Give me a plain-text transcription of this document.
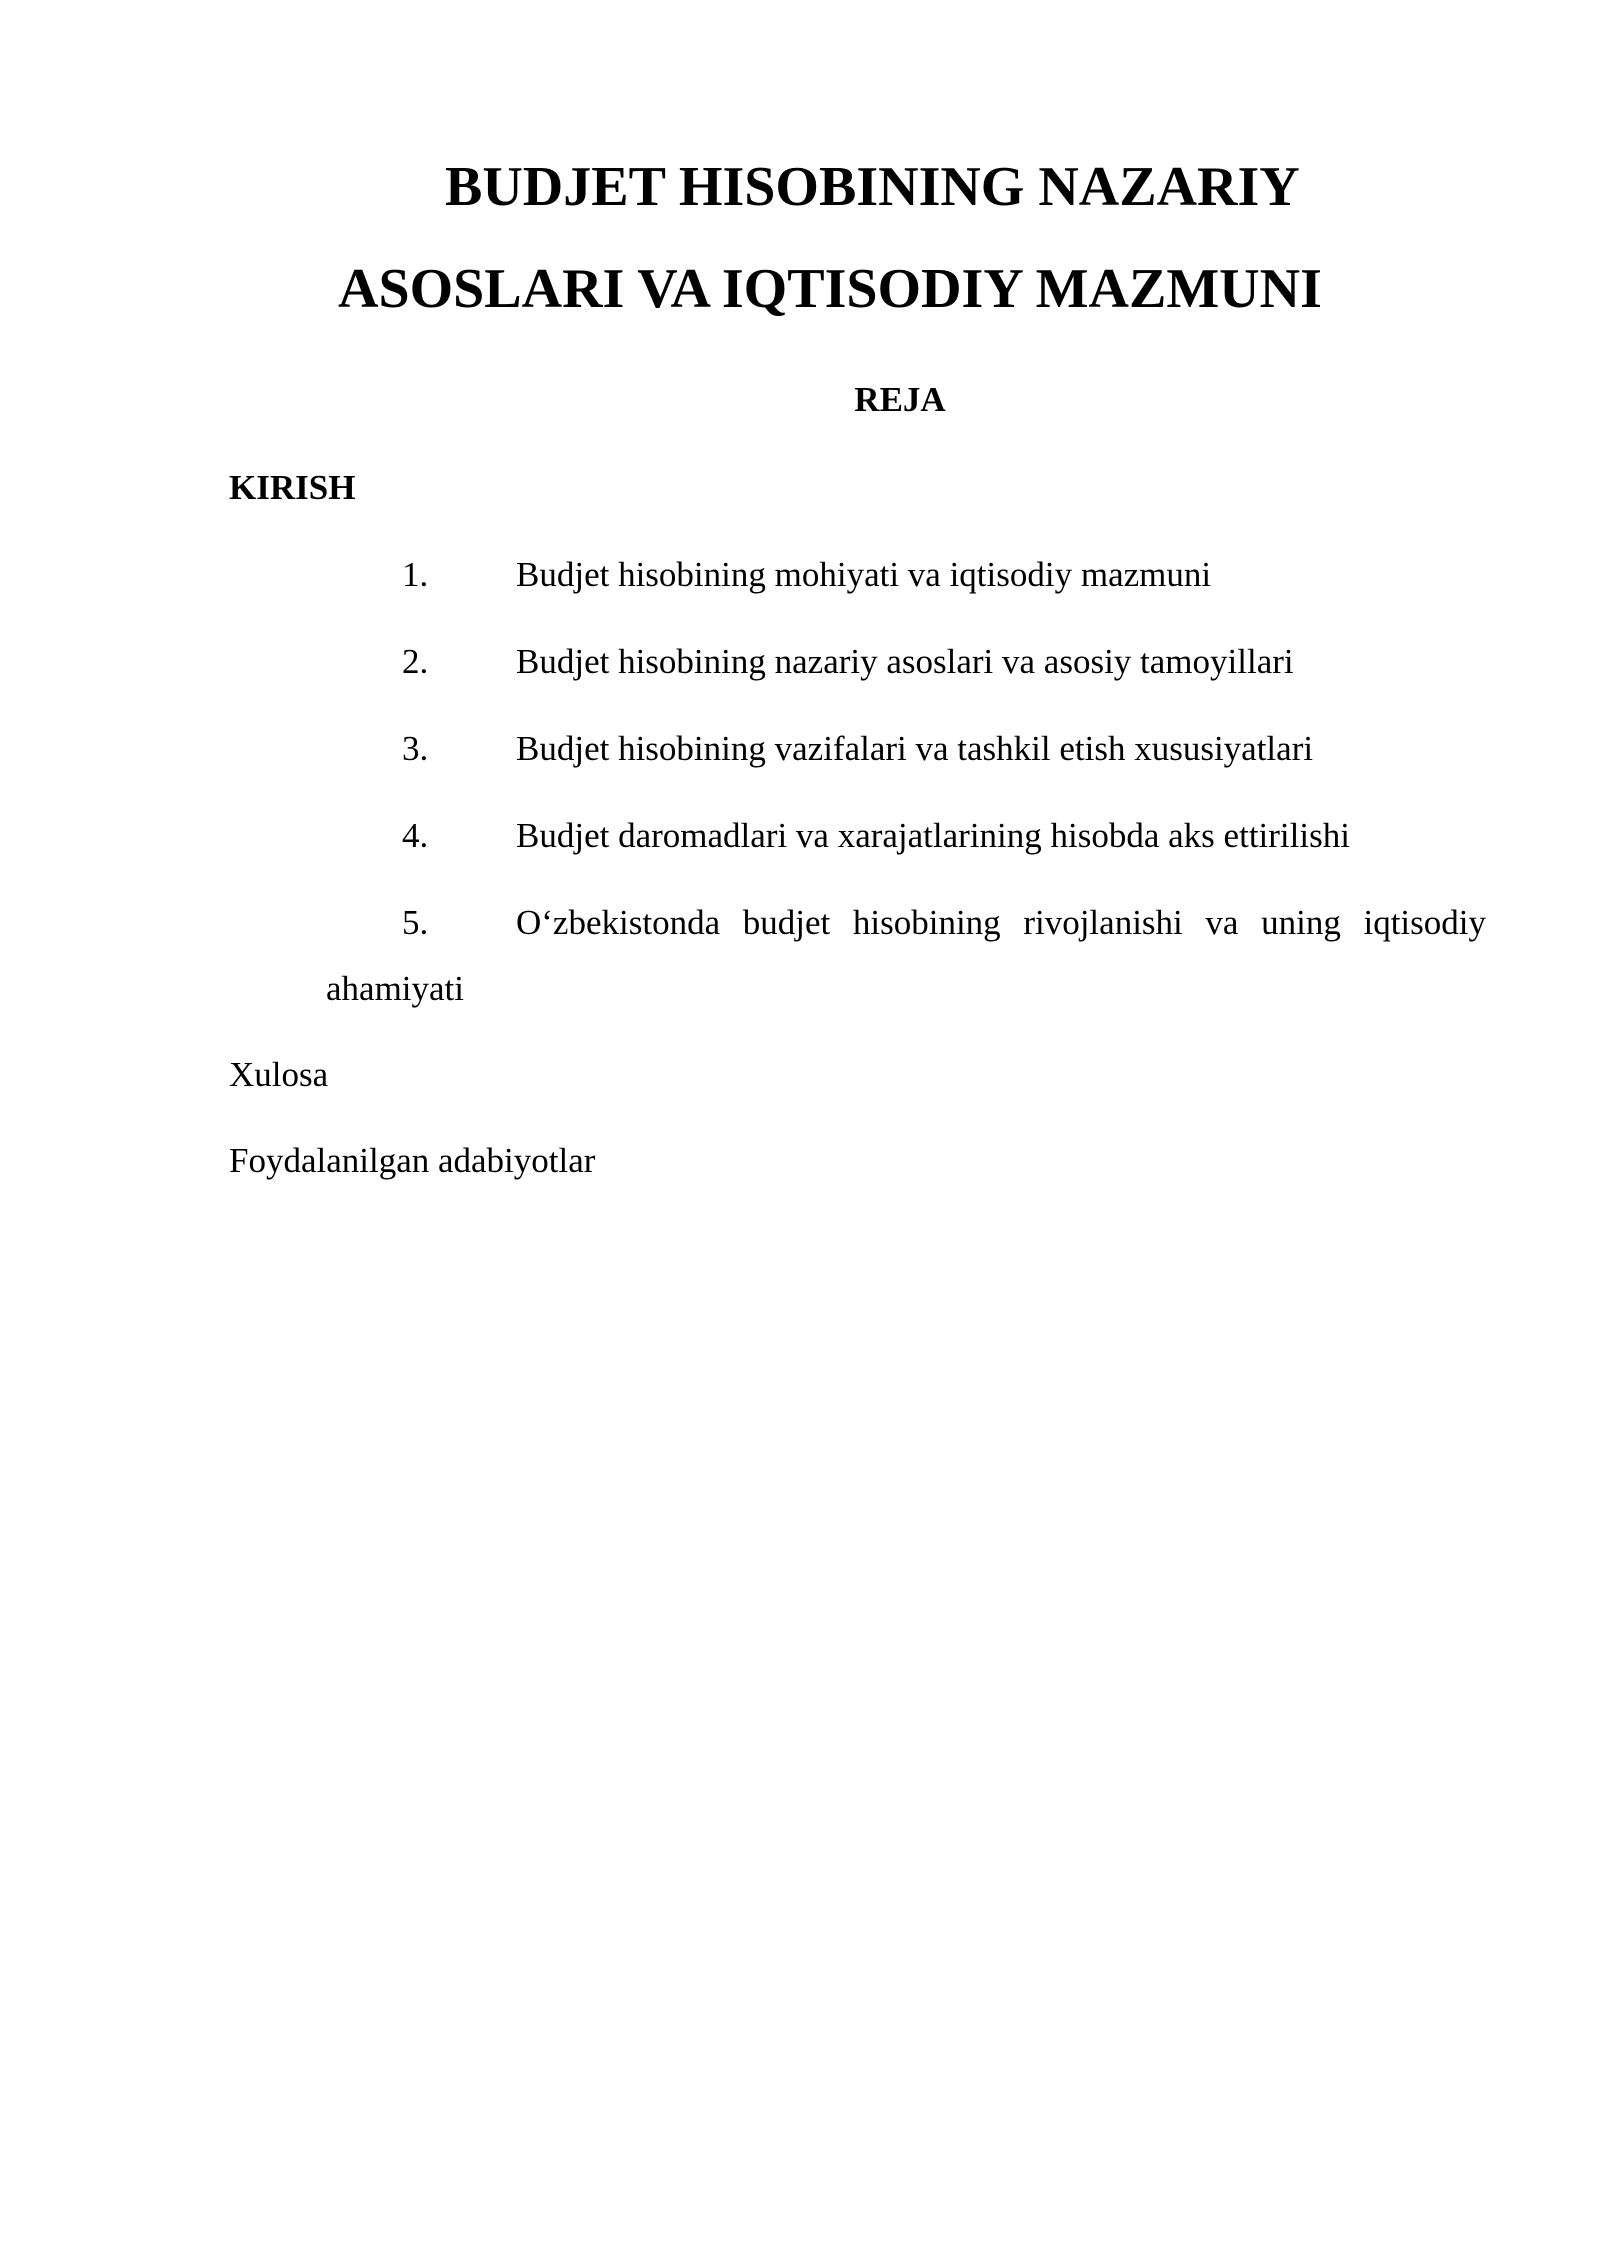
BUDJET HISOBINING NAZARIY
ASOSLARI VA IQTISODIY MAZMUNI
REJA
KIRISH
1.	Budjet hisobining mohiyati va iqtisodiy mazmuni
2.	Budjet hisobining nazariy asoslari va asosiy tamoyillari
3.	Budjet hisobining vazifalari va tashkil etish xususiyatlari
4.	Budjet daromadlari va xarajatlarining hisobda aks ettirilishi
5.	O‘zbekistonda budjet hisobining rivojlanishi va uning iqtisodiy
ahamiyati
Xulosa
Foydalanilgan adabiyotlar
